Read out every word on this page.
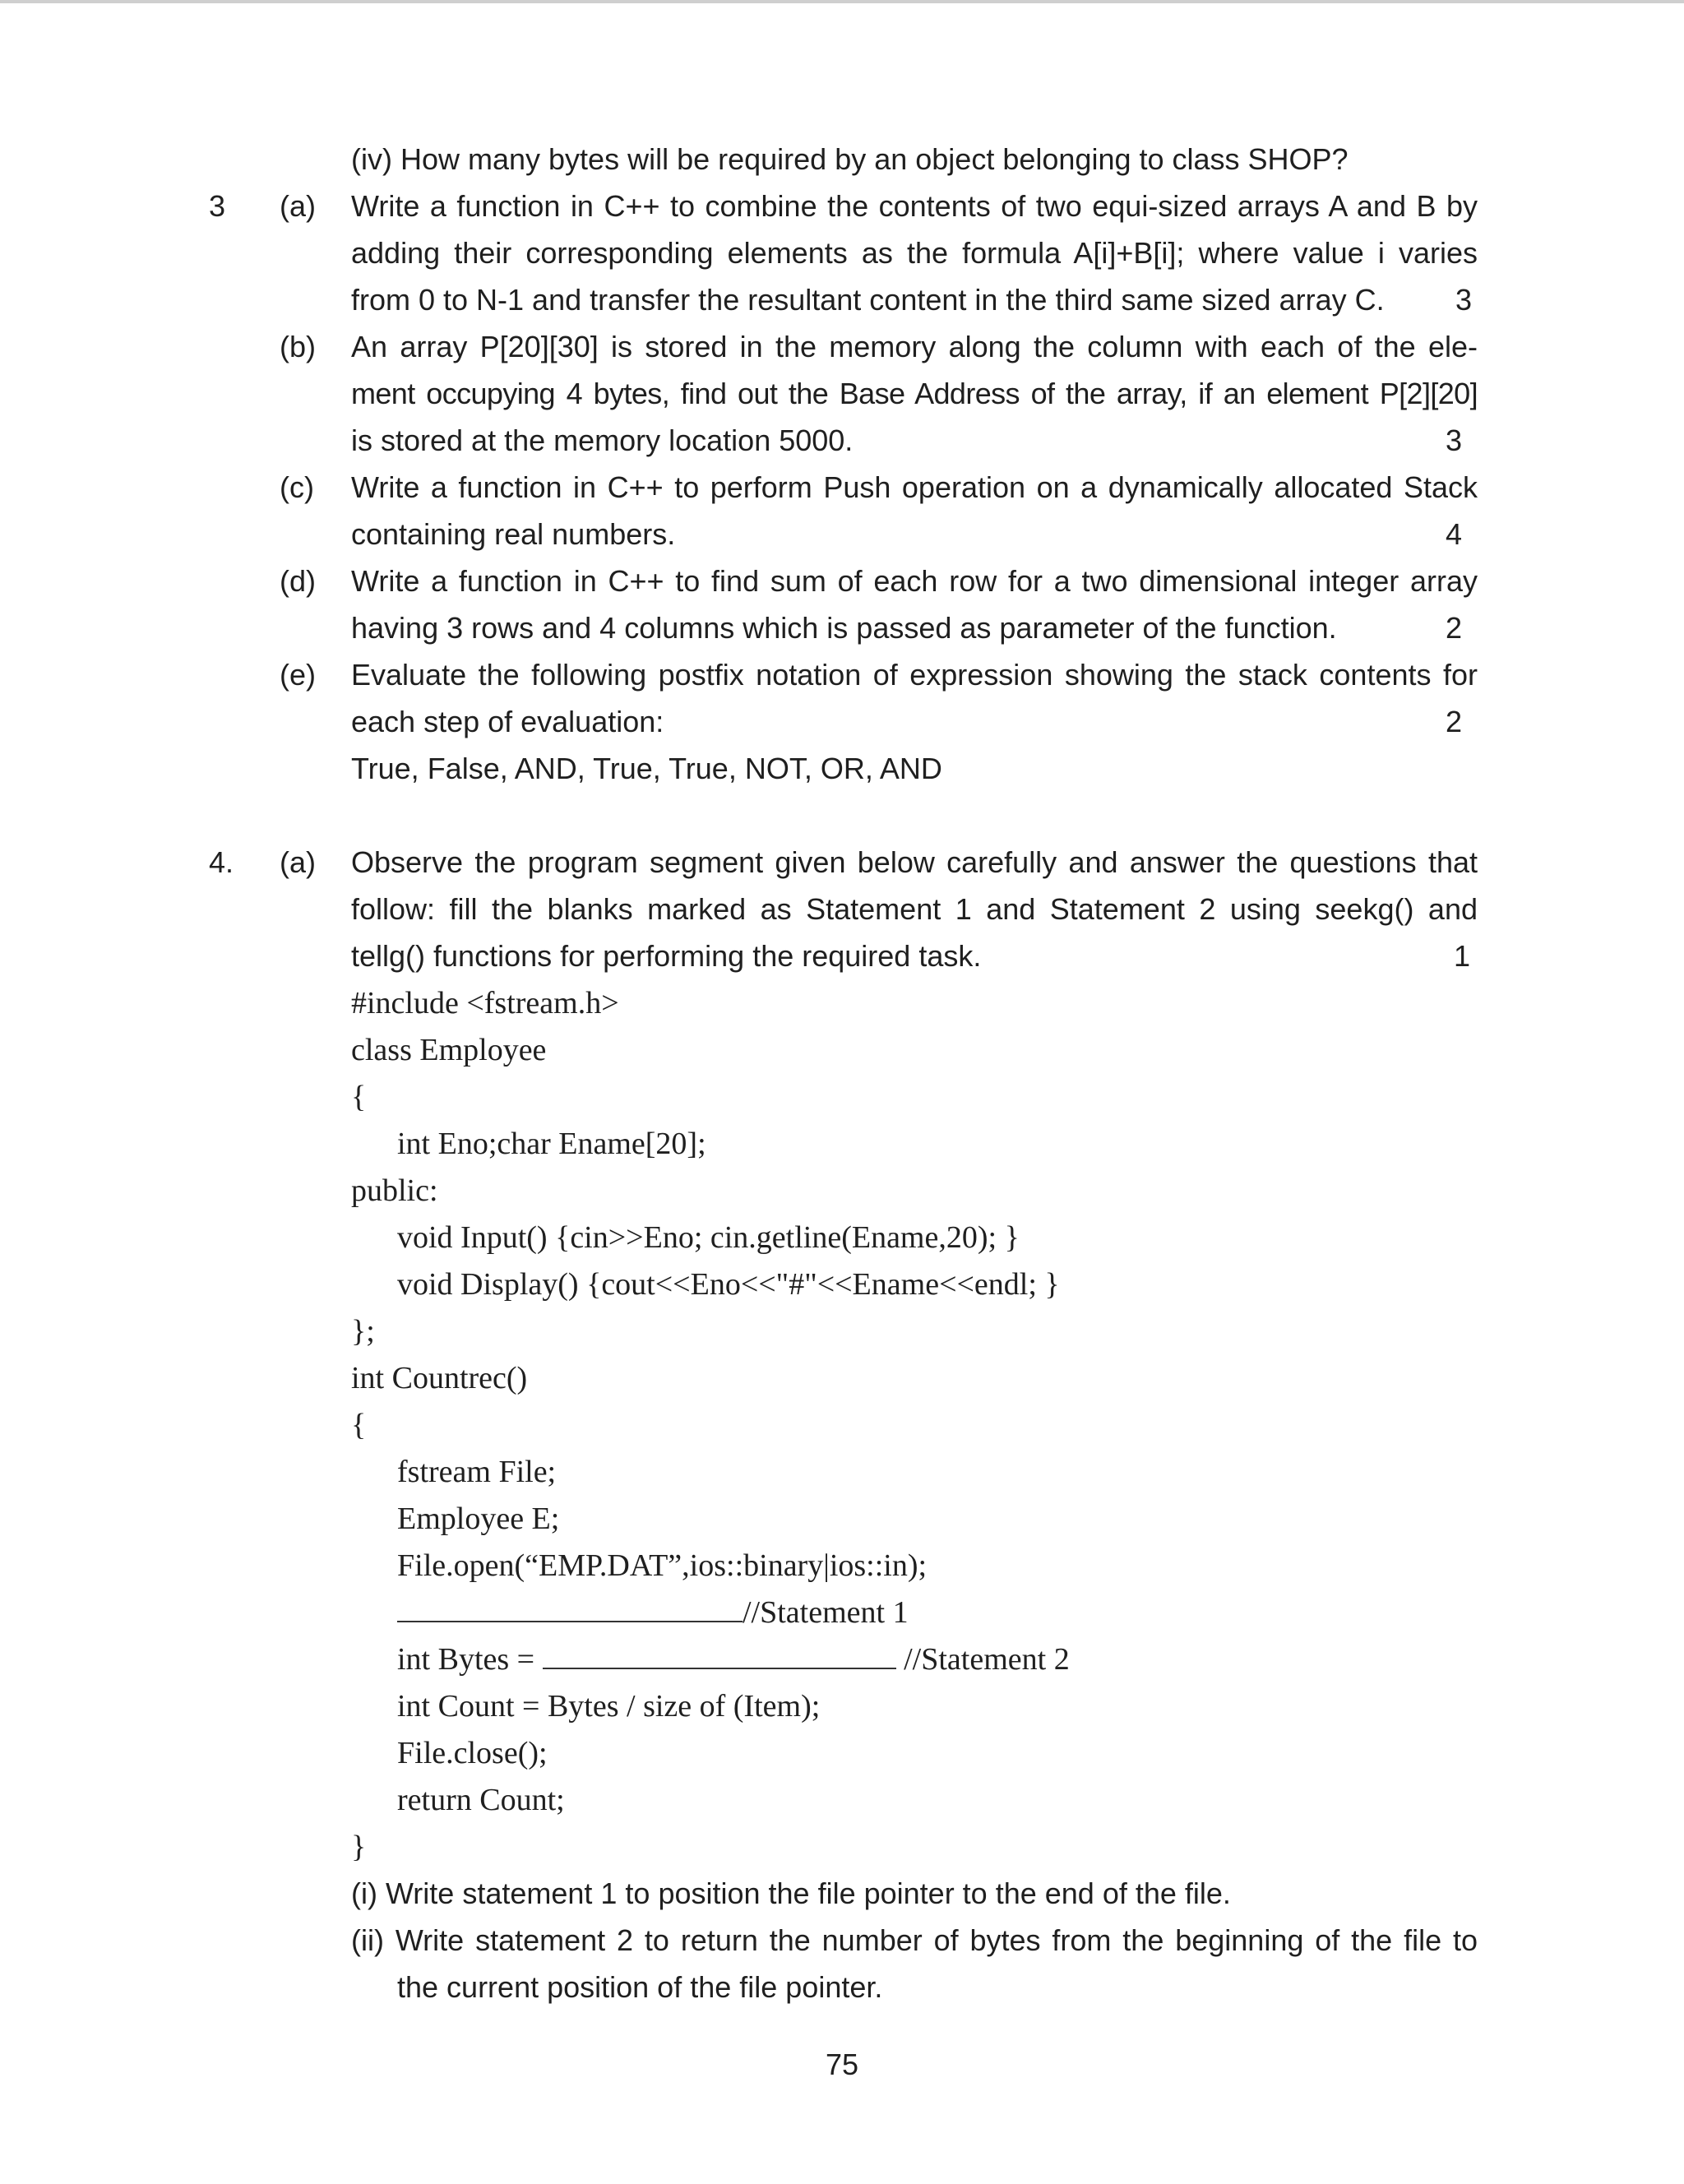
(iv) How many bytes will be required by an object belonging to class SHOP?
3 (a) Write a function in C++ to combine the contents of two equi-sized arrays A and B by
adding their corresponding elements as the formula A[i]+B[i]; where value i varies
from 0 to N-1 and transfer the resultant content in the third same sized array C.	3
(b) An array P[20][30] is stored in the memory along the column with each of the ele-
ment occupying 4 bytes, find out the Base Address of the array, if an element P[2][20]
is stored at the memory location 5000.	3
(c) Write a function in C++ to perform Push operation on a dynamically allocated Stack
containing real numbers.	4
(d) Write a function in C++ to find sum of each row for a two dimensional integer array
having 3 rows and 4 columns which is passed as parameter of the function.	2
(e) Evaluate the following postfix notation of expression showing the stack contents for
each step of evaluation:	2
True, False, AND, True, True, NOT, OR, AND
4. (a) Observe the program segment given below carefully and answer the questions that
follow: fill the blanks marked as Statement 1 and Statement 2 using seekg() and
tellg() functions for performing the required task.	1
#include <fstream.h>
class Employee
{
int Eno;char Ename[20];
public:
void Input() {cin>>Eno; cin.getline(Ename,20); }
void Display() {cout<<Eno<<"#"<<Ename<<endl; }
};
int Countrec()
{
fstream File;
Employee E;
File.open(“EMP.DAT”,ios::binary|ios::in);
//Statement 1
int Bytes =	//Statement 2
int Count = Bytes / size of (Item);
File.close();
return Count;
}
(i) Write statement 1 to position the file pointer to the end of the file.
(ii) Write statement 2 to return the number of bytes from the beginning of the file to
the current position of the file pointer.
75
